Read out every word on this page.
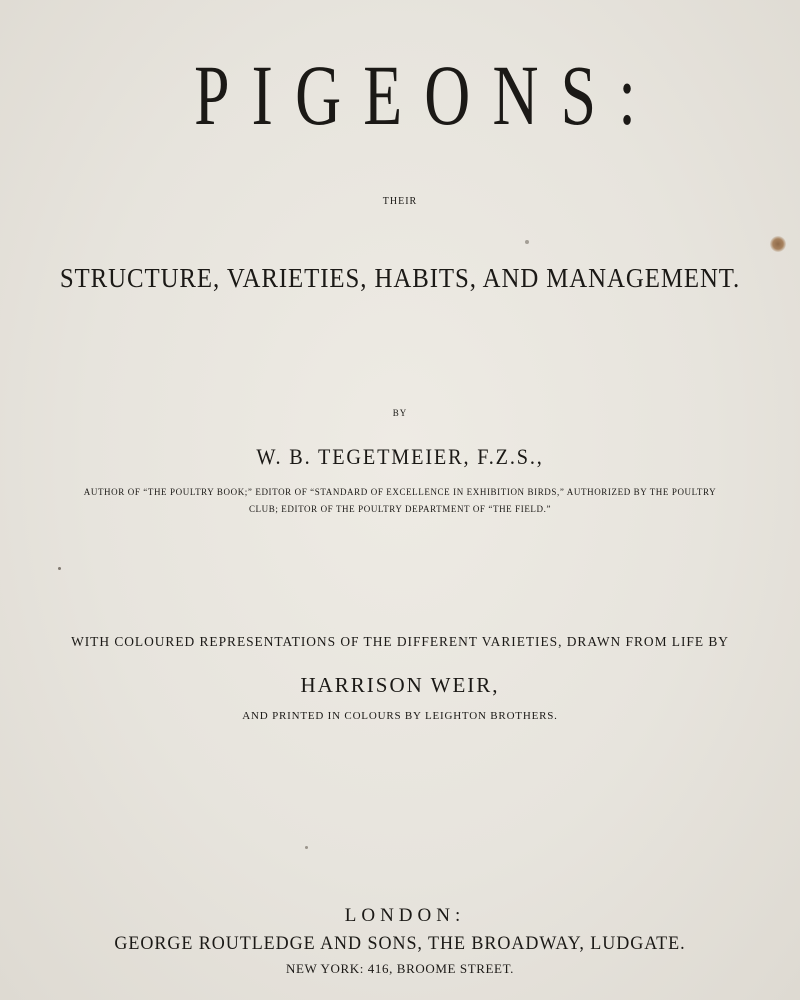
PIGEONS:
THEIR
STRUCTURE, VARIETIES, HABITS, AND MANAGEMENT.
BY
W. B. TEGETMEIER, F.Z.S.,
AUTHOR OF “THE POULTRY BOOK;” EDITOR OF “STANDARD OF EXCELLENCE IN EXHIBITION BIRDS,” AUTHORIZED BY THE POULTRY CLUB; EDITOR OF THE POULTRY DEPARTMENT OF “THE FIELD.”
WITH COLOURED REPRESENTATIONS OF THE DIFFERENT VARIETIES, DRAWN FROM LIFE BY
HARRISON WEIR,
AND PRINTED IN COLOURS BY LEIGHTON BROTHERS.
LONDON:
GEORGE ROUTLEDGE AND SONS, THE BROADWAY, LUDGATE.
NEW YORK: 416, BROOME STREET.
